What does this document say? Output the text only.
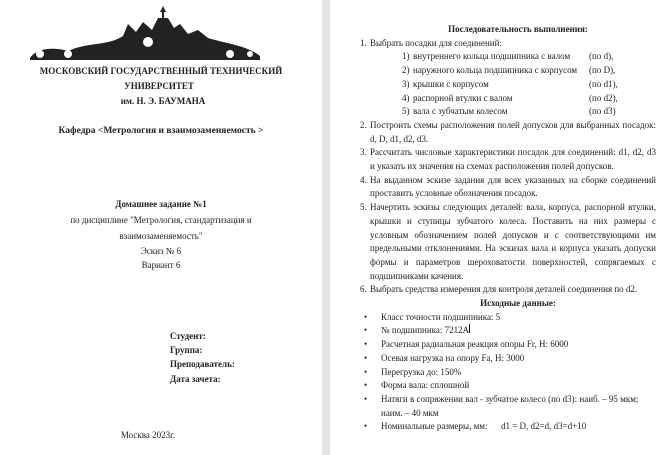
МОСКОВСКИЙ ГОСУДАРСТВЕННЫЙ ТЕХНИЧЕСКИЙ
УНИВЕРСИТЕТ
им. Н. Э. БАУМАНА
Кафедра <Метрология и взаимозаменяемость >
Домашнее задание №1
по дисциплине "Метрология, стандартизация и
взаимозаменяемость"
Эскиз № 6
Вариант 6
Студент:
Группа:
Преподаватель:
Дата зачета:
Москва 2023г.
Последовательность выполнения:
1. Выбрать посадки для соединений:
1) внутреннего кольца подшипника с валом	(по d),
2) наружного кольца подшипника с корпусом	(по D),
3) крышки с корпусом	(по d1),
4) распорной втулки с валом	(по d2),
5) вала с зубчатым колесом	(по d3)
2. Построить схемы расположения полей допусков для выбранных посадок: d, D, d1, d2, d3.
3. Рассчитать числовые характеристики посадок для соединений: d1, d2, d3 и указать их значения на схемах расположения полей допусков.
4. На выданном эскизе задания для всех указанных на сборке соединений проставить условные обозначения посадок.
5. Начертить эскизы следующих деталей: вала, корпуса, распорной втулки, крышки и ступицы зубчатого колеса. Поставить на них размеры с условным обозначением полей допусков и с соответствующими им предельными отклонениями. На эскизах вала и корпуса указать допуски формы и параметров шероховатости поверхностей, сопрягаемых с подшипниками качения.
6. Выбрать средства измерения для контроля деталей соединения по d2.
Исходные данные:
•	Класс точности подшипника: 5
•	№ подшипника: 7212А
•	Расчетная радиальная реакция опоры Fr, Н: 6000
•	Осевая нагрузка на опору Fa, Н: 3000
•	Перегрузка до: 150%
•	Форма вала: сплошной
•	Натяги в сопряжении вал - зубчатое колесо (по d3): наиб. – 95 мкм; наим. – 40 мкм
•	Номинальные размеры, мм:      d1 = D, d2=d, d3=d+10
